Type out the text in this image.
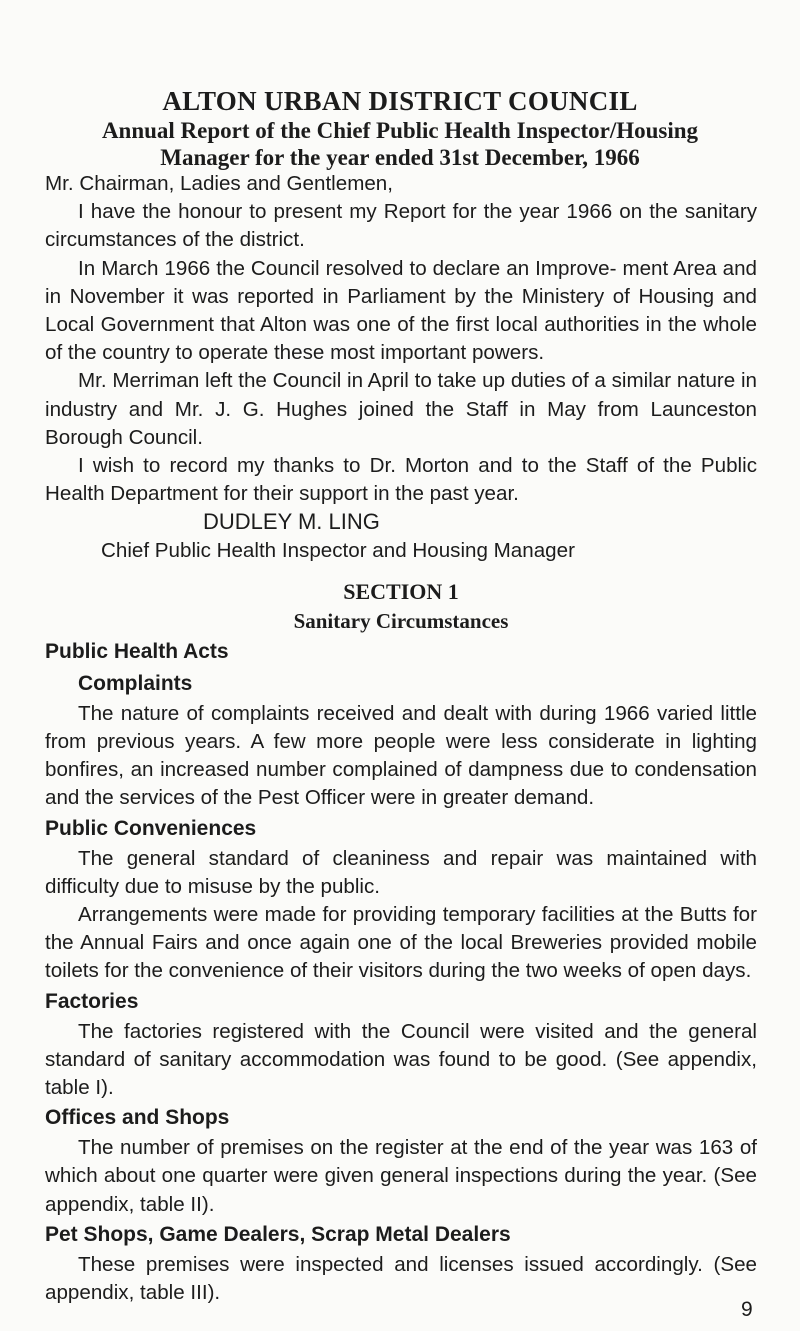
ALTON URBAN DISTRICT COUNCIL
Annual Report of the Chief Public Health Inspector/Housing
Manager for the year ended 31st December, 1966

Mr. Chairman, Ladies and Gentlemen,

I have the honour to present my Report for the year 1966 on the sanitary circumstances of the district.

In March 1966 the Council resolved to declare an Improve- ment Area and in November it was reported in Parliament by the Ministery of Housing and Local Government that Alton was one of the first local authorities in the whole of the country to operate these most important powers.

Mr. Merriman left the Council in April to take up duties of a similar nature in industry and Mr. J. G. Hughes joined the Staff in May from Launceston Borough Council.

I wish to record my thanks to Dr. Morton and to the Staff of the Public Health Department for their support in the past year.

DUDLEY M. LING

Chief Public Health Inspector and Housing Manager

SECTION 1
Sanitary Circumstances

Public Health Acts

Complaints

The nature of complaints received and dealt with during 1966 varied little from previous years. A few more people were less considerate in lighting bonfires, an increased number complained of dampness due to condensation and the services of the Pest Officer were in greater demand.

Public Conveniences

The general standard of cleaniness and repair was maintained with difficulty due to misuse by the public.

Arrangements were made for providing temporary facilities at the Butts for the Annual Fairs and once again one of the local Breweries provided mobile toilets for the convenience of their visitors during the two weeks of open days.

Factories

The factories registered with the Council were visited and the general standard of sanitary accommodation was found to be good. (See appendix, table I).

Offices and Shops

The number of premises on the register at the end of the year was 163 of which about one quarter were given general inspections during the year. (See appendix, table II).

Pet Shops, Game Dealers, Scrap Metal Dealers

These premises were inspected and licenses issued accordingly. (See appendix, table III).

9
